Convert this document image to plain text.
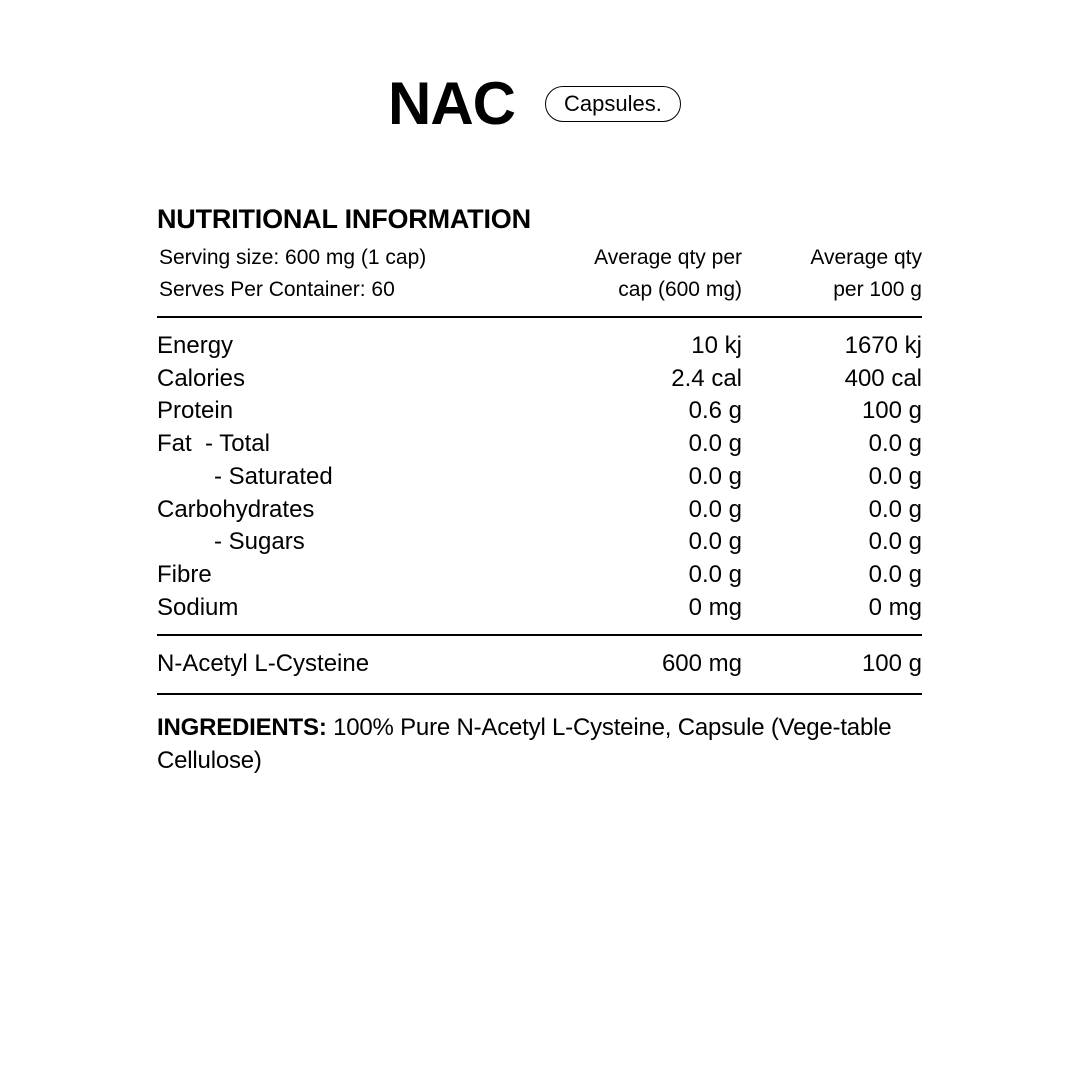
NAC	Capsules.
NUTRITIONAL INFORMATION
Serving size: 600 mg (1 cap)
Serves Per Container: 60
Average qty per
cap (600 mg)
Average qty
per 100 g
Energy	10 kj	1670 kj
Calories	2.4 cal	400 cal
Protein	0.6 g	100 g
Fat  - Total	0.0 g	0.0 g
- Saturated	0.0 g	0.0 g
Carbohydrates	0.0 g	0.0 g
- Sugars	0.0 g	0.0 g
Fibre	0.0 g	0.0 g
Sodium	0 mg	0 mg
N-Acetyl L-Cysteine	600 mg	100 g
INGREDIENTS: 100% Pure N-Acetyl L-Cysteine, Capsule (Vege-table Cellulose)
